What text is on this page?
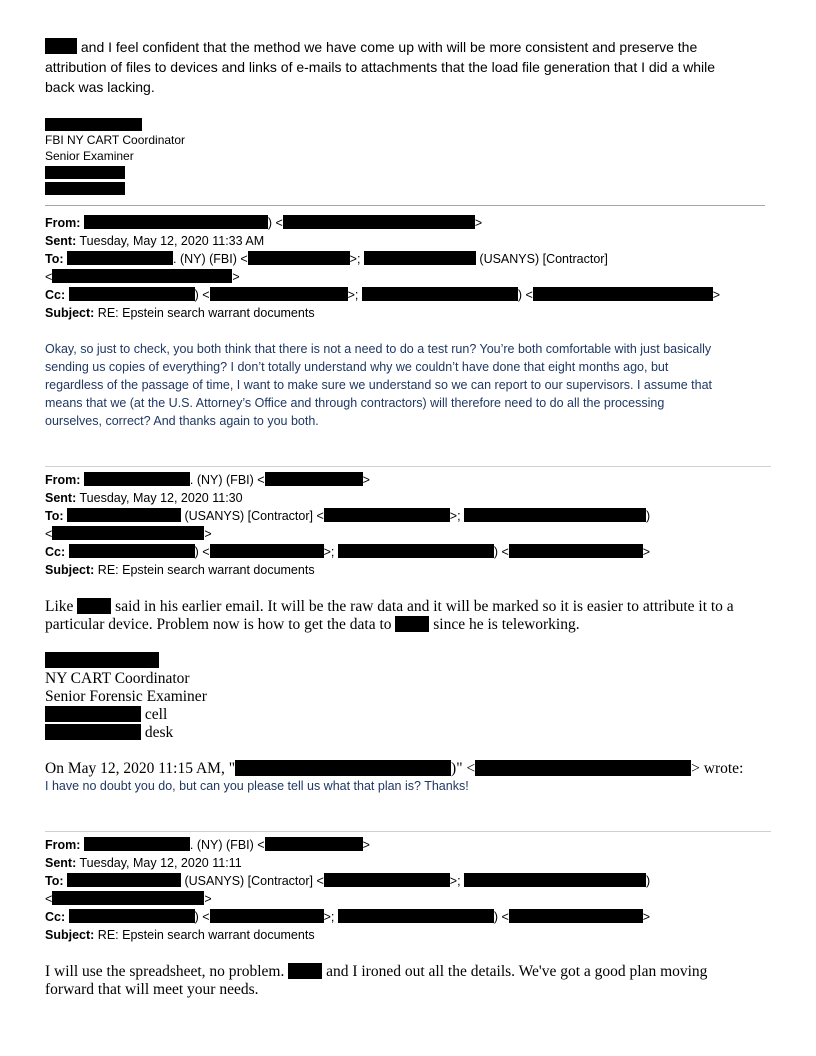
and I feel confident that the method we have come up with will be more consistent and preserve the
attribution of files to devices and links of e-mails to attachments that the load file generation that I did a while
back was lacking.
FBI NY CART Coordinator
Senior Examiner
From:	) <	>
Sent: Tuesday, May 12, 2020 11:33 AM
To:	. (NY) (FBI) <	>;	(USANYS) [Contractor]
<	>
Cc:	) <	>;	) <	>
Subject: RE: Epstein search warrant documents
Okay, so just to check, you both think that there is not a need to do a test run? You’re both comfortable with just basically
sending us copies of everything? I don’t totally understand why we couldn’t have done that eight months ago, but
regardless of the passage of time, I want to make sure we understand so we can report to our supervisors. I assume that
means that we (at the U.S. Attorney’s Office and through contractors) will therefore need to do all the processing
ourselves, correct? And thanks again to you both.
From:	. (NY) (FBI) <	>
Sent: Tuesday, May 12, 2020 11:30
To:	(USANYS) [Contractor] <	>;	)
<	>
Cc:	) <	>;	) <	>
Subject: RE: Epstein search warrant documents
Like	said in his earlier email. It will be the raw data and it will be marked so it is easier to attribute it to a
particular device. Problem now is how to get the data to	since he is teleworking.
NY CART Coordinator
Senior Forensic Examiner
cell
desk
On May 12, 2020 11:15 AM, "	)" <	> wrote:
I have no doubt you do, but can you please tell us what that plan is? Thanks!
From:	. (NY) (FBI) <	>
Sent: Tuesday, May 12, 2020 11:11
To:	(USANYS) [Contractor] <	>;	)
<	>
Cc:	) <	>;	) <	>
Subject: RE: Epstein search warrant documents
I will use the spreadsheet, no problem.	and I ironed out all the details. We've got a good plan moving
forward that will meet your needs.
